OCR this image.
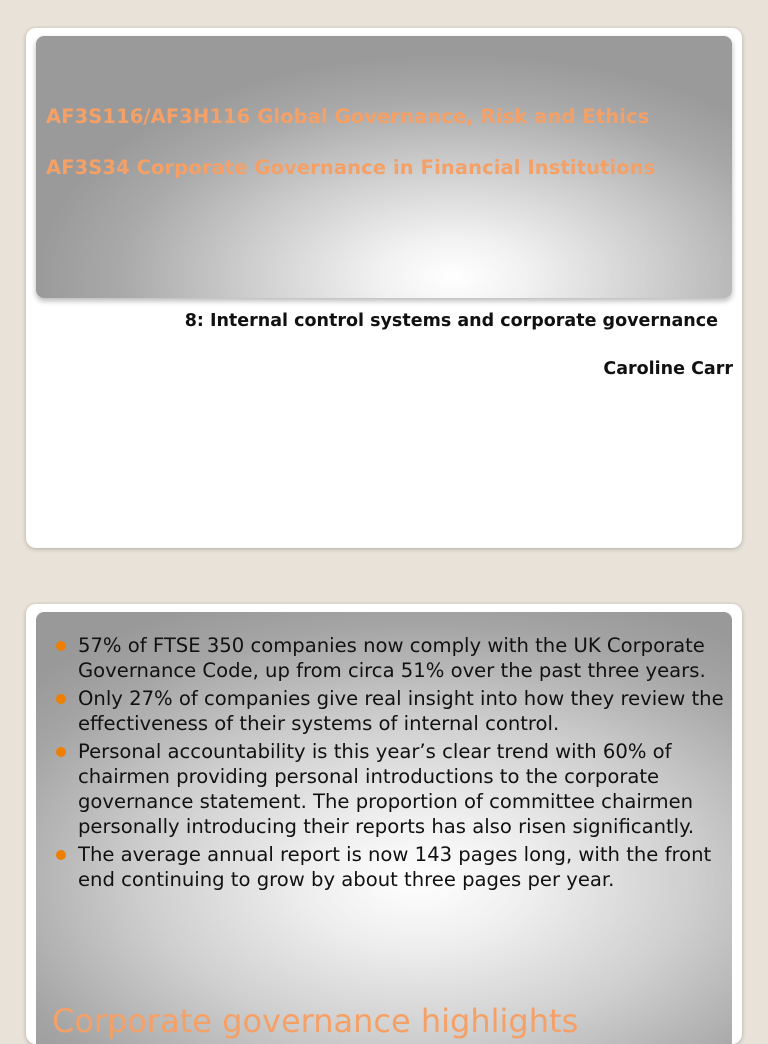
AF3S116/AF3H116 Global Governance, Risk and Ethics
AF3S34 Corporate Governance in Financial Institutions
8: Internal control systems and corporate governance
Caroline Carr
57% of FTSE 350 companies now comply with the UK Corporate Governance Code, up from circa 51% over the past three years.
Only 27% of companies give real insight into how they review the effectiveness of their systems of internal control.
Personal accountability is this year’s clear trend with 60% of chairmen providing personal introductions to the corporate governance statement. The proportion of committee chairmen personally introducing their reports has also risen significantly.
The average annual report is now 143 pages long, with the front end continuing to grow by about three pages per year.
Corporate governance highlights
